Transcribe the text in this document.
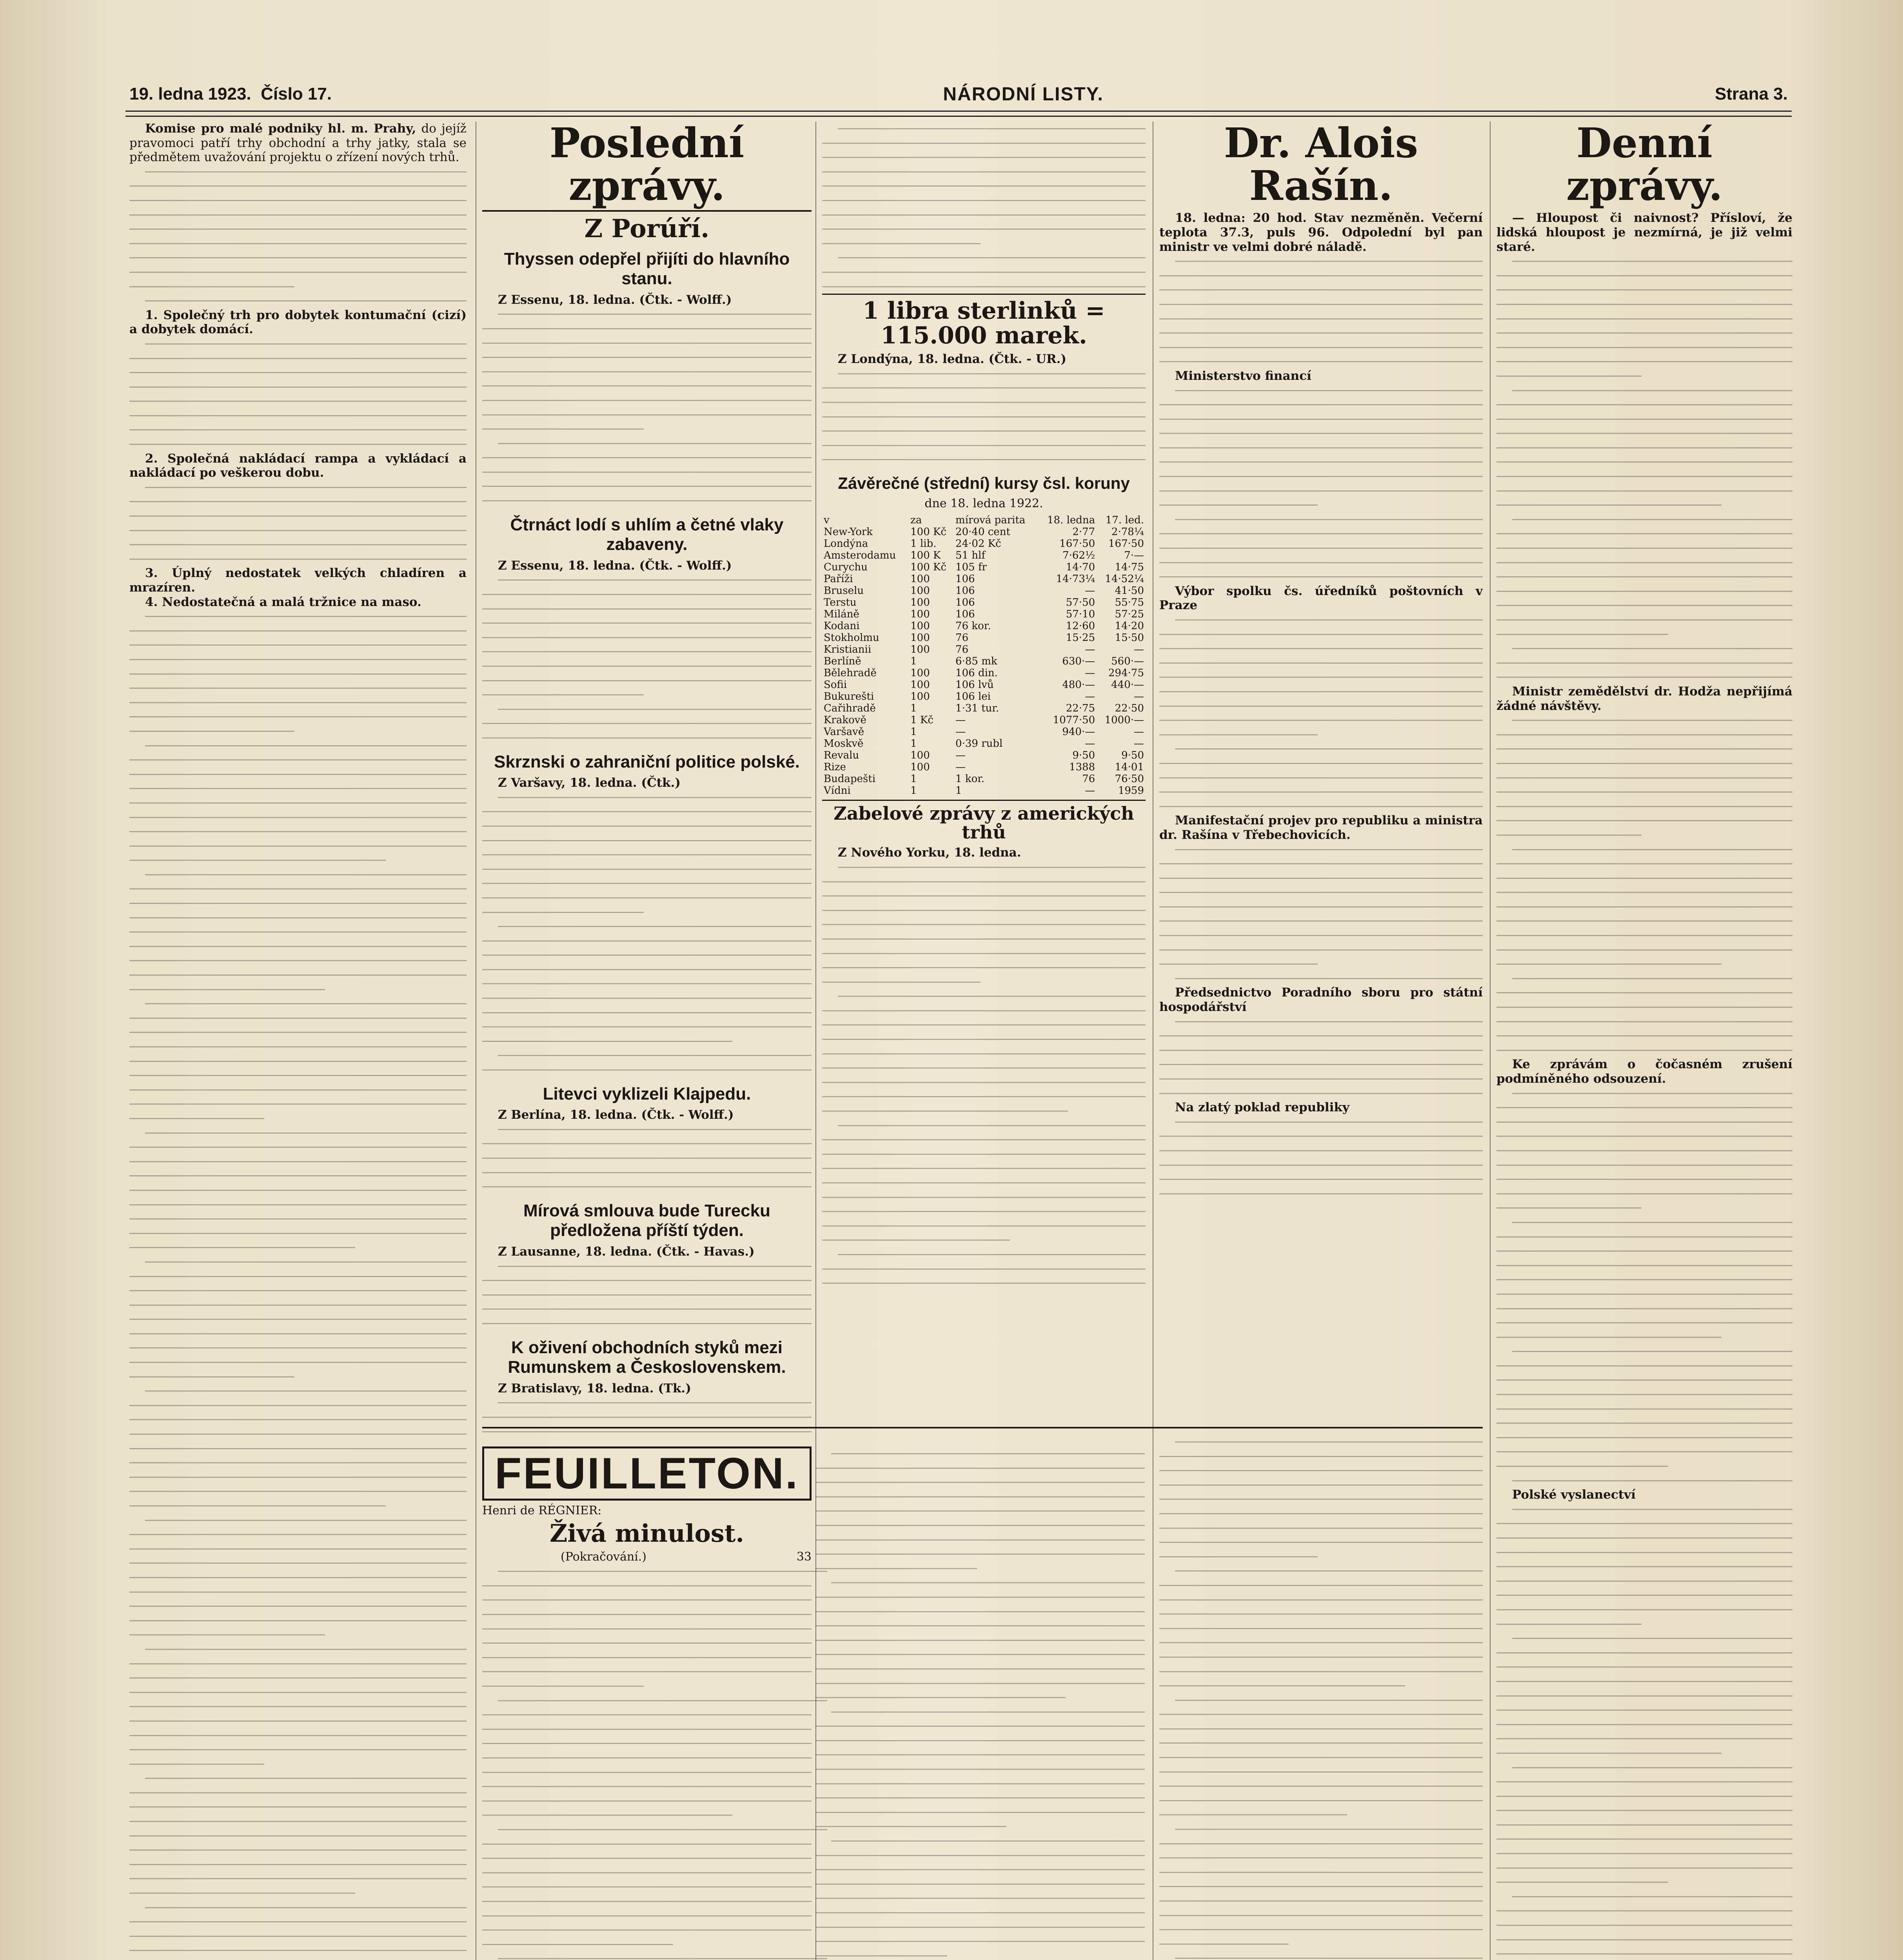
19. ledna 1923. Číslo 17.	NÁRODNÍ LISTY.	Strana 3.

Komise pro malé podniky hl. m. Prahy, do jejíž pravomoci patří trhy obchodní a trhy jatky, stala se předmětem uvažování projektu o zřízení nových trhů.

1. Společný trh pro dobytek kontumační (cizí) a dobytek domácí.

2. Společná nakládací rampa a vykládací a nakládací po veškerou dobu.

3. Úplný nedostatek velkých chladíren a mrazíren.

4. Nedostatečná a malá tržnice na maso.

Poslední zprávy.
Z Porúří.
Thyssen odepřel přijíti do hlavního stanu.

Z Essenu, 18. ledna. (Čtk. - Wolff.)

Čtrnáct lodí s uhlím a četné vlaky zabaveny.

Z Essenu, 18. ledna. (Čtk. - Wolff.)

Skrznski o zahraniční politice polské.

Z Varšavy, 18. ledna. (Čtk.)

Litevci vyklizeli Klajpedu.

Z Berlína, 18. ledna. (Čtk. - Wolff.)

Mírová smlouva bude Turecku předložena příští týden.

Z Lausanne, 18. ledna. (Čtk. - Havas.)

K oživení obchodních styků mezi Rumunskem a Československem.

Z Bratislavy, 18. ledna. (Tk.)

FEUILLETON.
Henri de RÉGNIER:
Živá minulost.
(Pokračování.)	33
1 libra sterlinků = 115.000 marek.

Z Londýna, 18. ledna. (Čtk. - UR.)

Závěrečné (střední) kursy čsl. koruny
dne 18. ledna 1922.
v	za	mírová parita	18. ledna	17. led.
New-York	100 Kč	20·40 cent	2·77	2·78¼
Londýna	1 lib.	24·02 Kč	167·50	167·50
Amsterodamu	100 K	51 hlf	7·62½	7·—
Curychu	100 Kč	105 fr	14·70	14·75
Paříži	100	106	14·73¼	14·52¼
Bruselu	100	106	—	41·50
Terstu	100	106	57·50	55·75
Miláně	100	106	57·10	57·25
Kodani	100	76 kor.	12·60	14·20
Stokholmu	100	76	15·25	15·50
Kristianii	100	76	—	—
Berlíně	1	6·85 mk	630·—	560·—
Bělehradě	100	106 din.	—	294·75
Sofii	100	106 lvů	480·—	440·—
Bukurešti	100	106 lei	—	—
Cařihradě	1	1·31 tur.	22·75	22·50
Krakově	1 Kč	—	1077·50	1000·—
Varšavě	1	—	940·—	—
Moskvě	1	0·39 rubl	—	—
Revalu	100	—	9·50	9·50
Rize	100	—	1388	14·01
Budapešti	1	1 kor.	76	76·50
Vídni	1	1	—	1959
Zabelové zprávy z amerických trhů

Z Nového Yorku, 18. ledna.

Dr. Alois Rašín.

18. ledna: 20 hod. Stav nezměněn. Večerní teplota 37.3, puls 96. Odpolední byl pan ministr ve velmi dobré náladě.

Ministerstvo financí

Výbor spolku čs. úředníků poštovních v Praze

Manifestační projev pro republiku a ministra dr. Rašína v Třebechovicích.

Předsednictvo Poradního sboru pro státní hospodářství

Na zlatý poklad republiky

Denní zprávy.

— Hloupost či naivnost? Přísloví, že lidská hloupost je nezmírná, je již velmi staré.

Ministr zemědělství dr. Hodža nepřijímá žádné návštěvy.

Ke zprávám o čočasném zrušení podmíněného odsouzení.

Polské vyslanectví
